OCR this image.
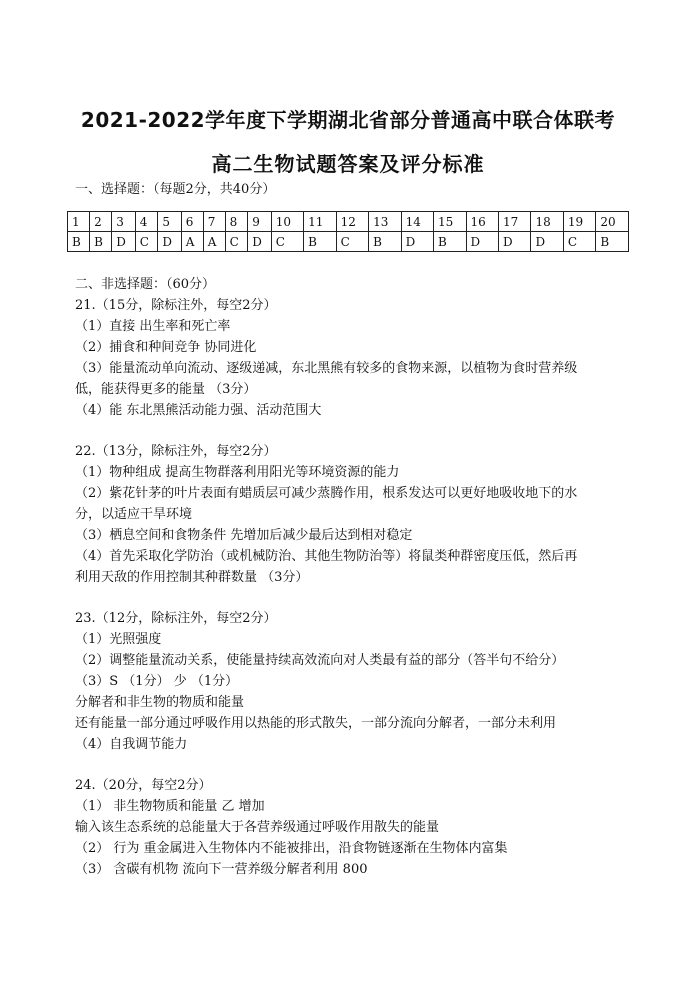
2021-2022学年度下学期湖北省部分普通高中联合体联考
高二生物试题答案及评分标准
一、选择题：（每题2分，共40分）
1	2	3	4	5	6	7	8	9	10	11	12	13	14	15	16	17	18	19	20
B	B	D	C	D	A	A	C	D	C	B	C	B	D	B	D	D	D	C	B
二、非选择题：（60分）
21.（15分，除标注外，每空2分）
（1）直接 出生率和死亡率
（2）捕食和种间竞争 协同进化
（3）能量流动单向流动、逐级递减，东北黑熊有较多的食物来源，以植物为食时营养级
低，能获得更多的能量 （3分）
（4）能 东北黑熊活动能力强、活动范围大
22.（13分，除标注外，每空2分）
（1）物种组成 提高生物群落利用阳光等环境资源的能力
（2）紫花针茅的叶片表面有蜡质层可减少蒸腾作用，根系发达可以更好地吸收地下的水
分，以适应干旱环境
（3）栖息空间和食物条件 先增加后减少最后达到相对稳定
（4）首先采取化学防治（或机械防治、其他生物防治等）将鼠类种群密度压低，然后再
利用天敌的作用控制其种群数量 （3分）
23.（12分，除标注外，每空2分）
（1）光照强度
（2）调整能量流动关系，使能量持续高效流向对人类最有益的部分（答半句不给分）
（3）S （1分） 少 （1分）
分解者和非生物的物质和能量
还有能量一部分通过呼吸作用以热能的形式散失，一部分流向分解者，一部分未利用
（4）自我调节能力
24.（20分，每空2分）
（1） 非生物物质和能量 乙 增加
输入该生态系统的总能量大于各营养级通过呼吸作用散失的能量
（2） 行为 重金属进入生物体内不能被排出，沿食物链逐渐在生物体内富集
（3） 含碳有机物 流向下一营养级分解者利用 800
